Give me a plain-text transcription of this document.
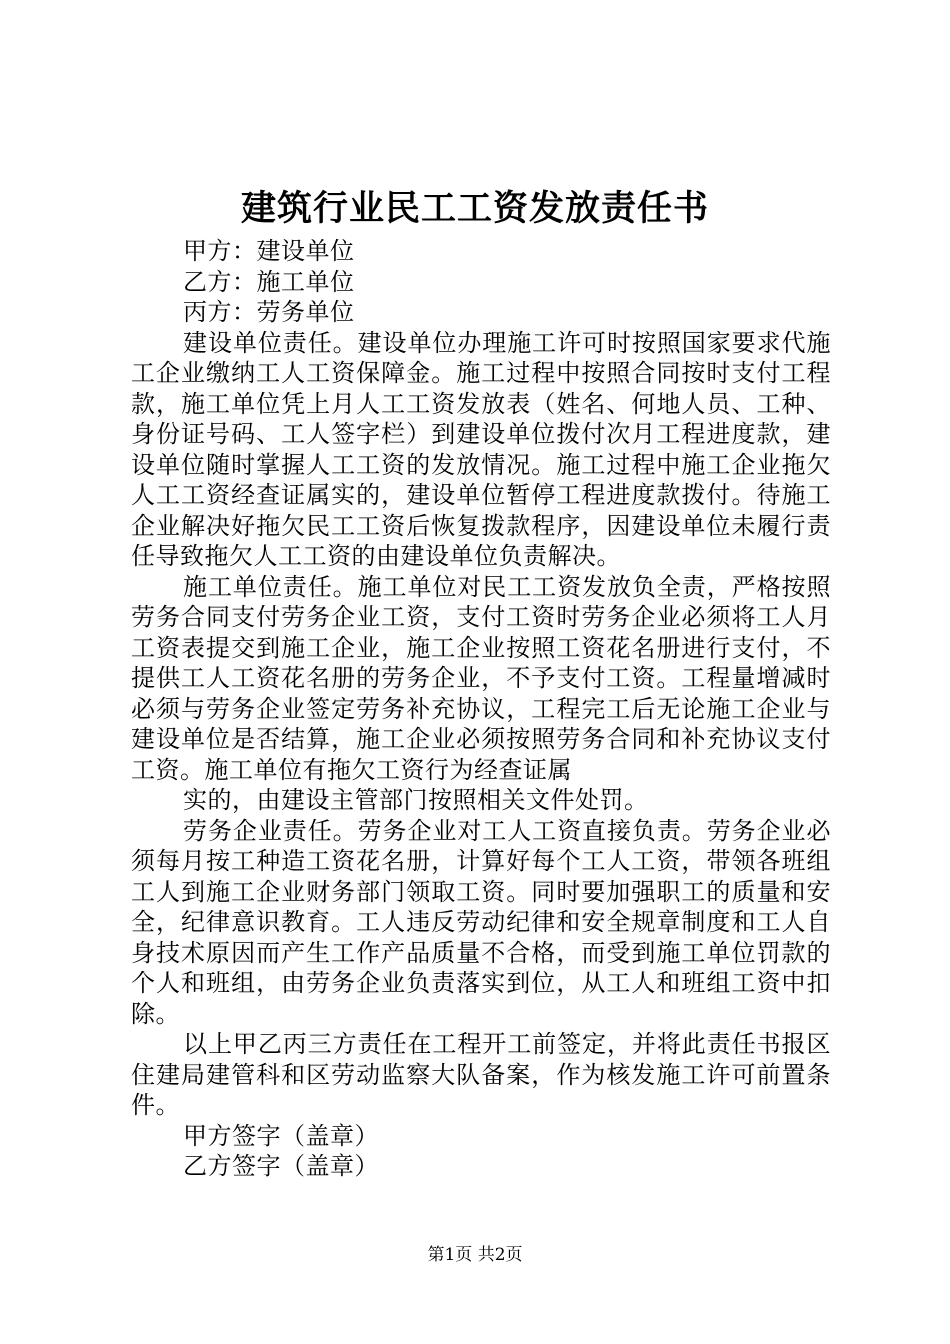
建筑行业民工工资发放责任书
甲方：建设单位
乙方：施工单位
丙方：劳务单位

建设单位责任。建设单位办理施工许可时按照国家要求代施工企业缴纳工人工资保障金。施工过程中按照合同按时支付工程款，施工单位凭上月人工工资发放表（姓名、何地人员、工种、身份证号码、工人签字栏）到建设单位拨付次月工程进度款，建设单位随时掌握人工工资的发放情况。施工过程中施工企业拖欠人工工资经查证属实的，建设单位暂停工程进度款拨付。待施工企业解决好拖欠民工工资后恢复拨款程序，因建设单位未履行责任导致拖欠人工工资的由建设单位负责解决。

施工单位责任。施工单位对民工工资发放负全责，严格按照劳务合同支付劳务企业工资，支付工资时劳务企业必须将工人月工资表提交到施工企业，施工企业按照工资花名册进行支付，不提供工人工资花名册的劳务企业，不予支付工资。工程量增减时必须与劳务企业签定劳务补充协议，工程完工后无论施工企业与建设单位是否结算，施工企业必须按照劳务合同和补充协议支付工资。施工单位有拖欠工资行为经查证属

实的，由建设主管部门按照相关文件处罚。

劳务企业责任。劳务企业对工人工资直接负责。劳务企业必须每月按工种造工资花名册，计算好每个工人工资，带领各班组工人到施工企业财务部门领取工资。同时要加强职工的质量和安全，纪律意识教育。工人违反劳动纪律和安全规章制度和工人自身技术原因而产生工作产品质量不合格，而受到施工单位罚款的个人和班组，由劳务企业负责落实到位，从工人和班组工资中扣除。

以上甲乙丙三方责任在工程开工前签定，并将此责任书报区住建局建管科和区劳动监察大队备案，作为核发施工许可前置条件。

甲方签字（盖章）
乙方签字（盖章）
第1页 共2页
